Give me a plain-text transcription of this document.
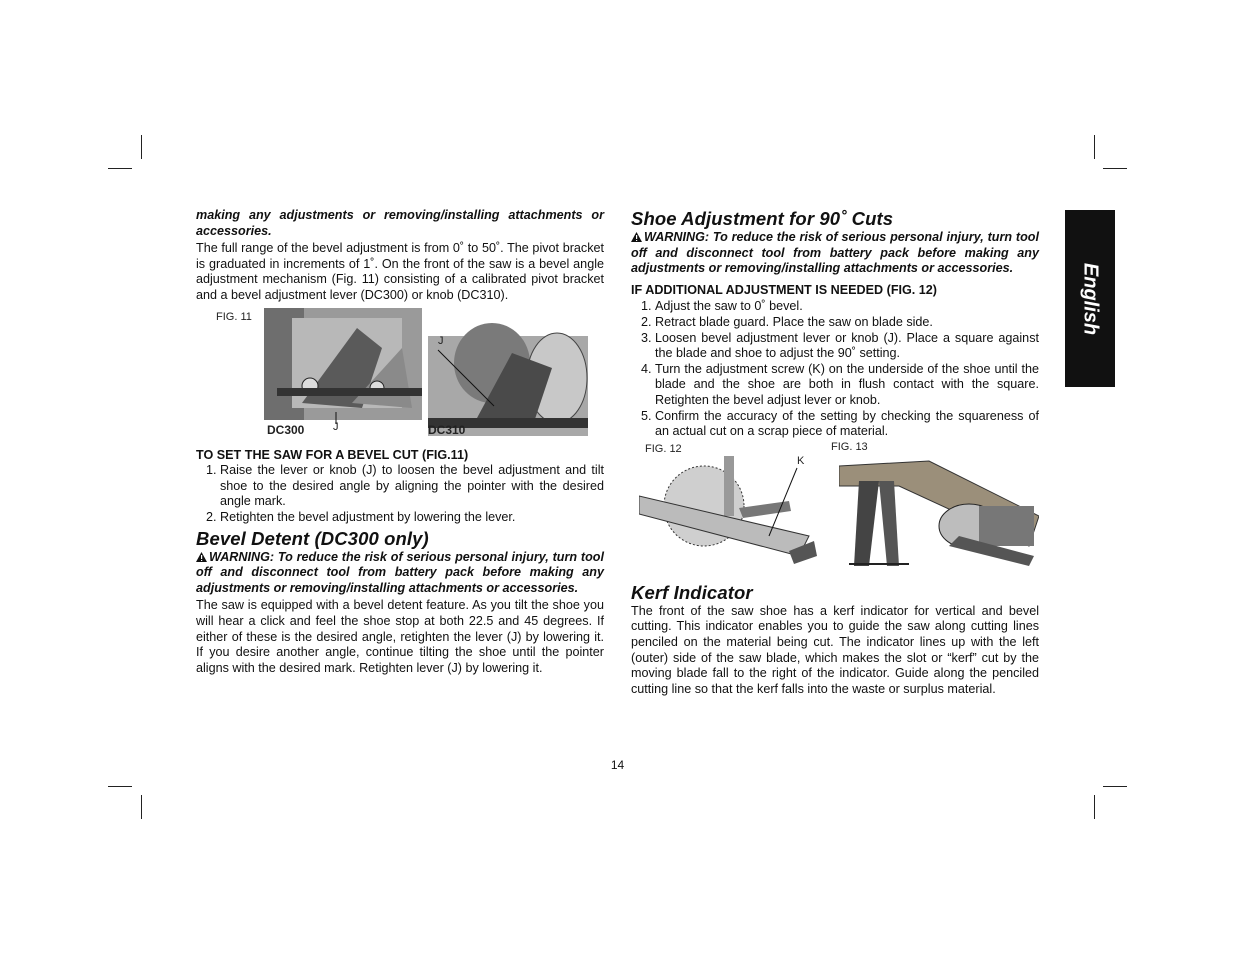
making any adjustments or removing/installing attachments or accessories.

The full range of the bevel adjustment is from 0˚ to 50˚. The pivot bracket is graduated in increments of 1˚. On the front of the saw is a bevel angle adjustment mechanism (Fig. 11) consisting of a calibrated pivot bracket and a bevel adjustment lever (DC300) or knob (DC310).

FIG. 11
J
J
DC300	DC310
TO SET THE SAW FOR A BEVEL CUT (FIG.11)
1. Raise the lever or knob (J) to loosen the bevel adjustment and tilt shoe to the desired angle by aligning the pointer with the desired angle mark.
2. Retighten the bevel adjustment by lowering the lever.
Bevel Detent (DC300 only)

WARNING: To reduce the risk of serious personal injury, turn tool off and disconnect tool from battery pack before making any adjustments or removing/installing attachments or accessories.

The saw is equipped with a bevel detent feature. As you tilt the shoe you will hear a click and feel the shoe stop at both 22.5 and 45 degrees. If either of these is the desired angle, retighten the lever (J) by lowering it. If you desire another angle, continue tilting the shoe until the pointer aligns with the desired mark. Retighten lever (J) by lowering it.

Shoe Adjustment for 90˚ Cuts

WARNING: To reduce the risk of serious personal injury, turn tool off and disconnect tool from battery pack before making any adjustments or removing/installing attachments or accessories.

IF ADDITIONAL ADJUSTMENT IS NEEDED (FIG. 12)
1. Adjust the saw to 0˚ bevel.
2. Retract blade guard. Place the saw on blade side.
3. Loosen bevel adjustment lever or knob (J). Place a square against the blade and shoe to adjust the 90˚ setting.
4. Turn the adjustment screw (K) on the underside of the shoe until the blade and the shoe are both in flush contact with the square. Retighten the bevel adjust lever or knob.
5. Confirm the accuracy of the setting by checking the squareness of an actual cut on a scrap piece of material.
FIG. 12
K
FIG. 13
Kerf Indicator

The front of the saw shoe has a kerf indicator for vertical and bevel cutting. This indicator enables you to guide the saw along cutting lines penciled on the material being cut. The indicator lines up with the left (outer) side of the saw blade, which makes the slot or “kerf” cut by the moving blade fall to the right of the indicator. Guide along the penciled cutting line so that the kerf falls into the waste or surplus material.

English
14
